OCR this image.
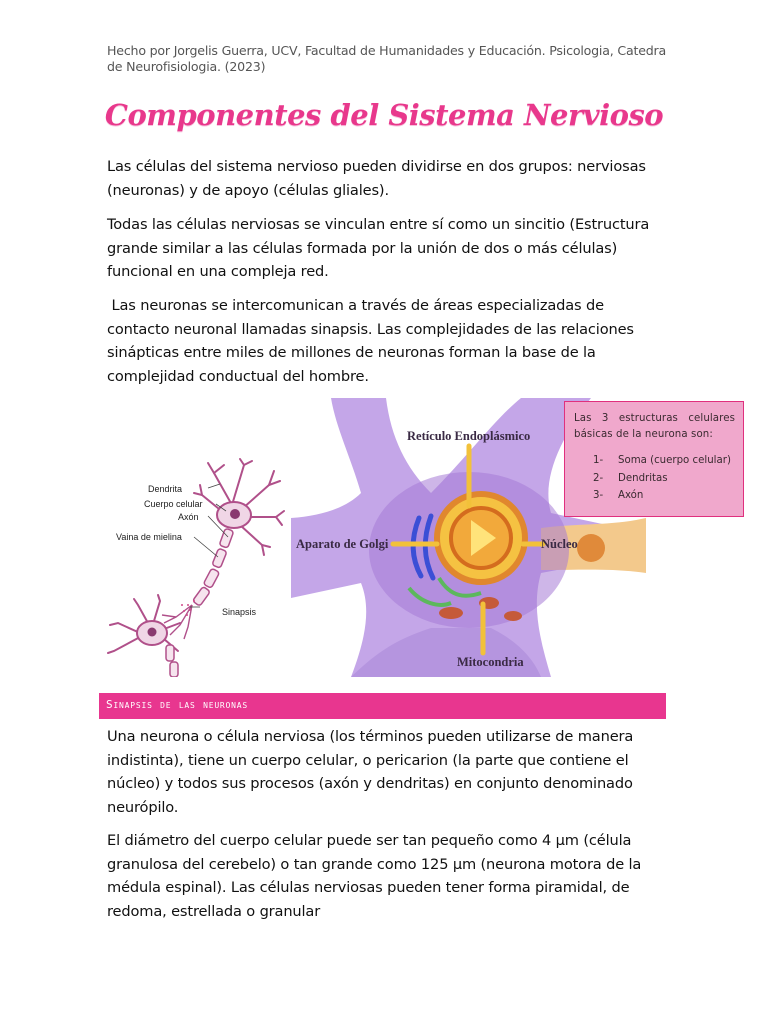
Hecho por Jorgelis Guerra, UCV, Facultad de Humanidades y Educación. Psicologia, Catedra de Neurofisiologia. (2023)
Componentes del Sistema Nervioso
Las células del sistema nervioso pueden dividirse en dos grupos: nerviosas (neuronas) y de apoyo (células gliales).
Todas las células nerviosas se vinculan entre sí como un sincitio (Estructura grande similar a las células formada por la unión de dos o más células) funcional en una compleja red.
Las neuronas se intercomunican a través de áreas especializadas de contacto neuronal llamadas sinapsis. Las complejidades de las relaciones sinápticas entre miles de millones de neuronas forman la base de la complejidad conductual del hombre.
Dendrita
Cuerpo celular
Axón
Vaina de mielina
Sinapsis
Retículo Endoplásmico
Aparato de Golgi	Núcleo
Mitocondria
Las 3 estructuras celulares básicas de la neurona son:
1- Soma (cuerpo celular)
2- Dendritas
3- Axón
Sinapsis de las neuronas
Una neurona o célula nerviosa (los términos pueden utilizarse de manera indistinta), tiene un cuerpo celular, o pericarion (la parte que contiene el núcleo) y todos sus procesos (axón y dendritas) en conjunto denominado neurópilo.
El diámetro del cuerpo celular puede ser tan pequeño como 4 µm (célula granulosa del cerebelo) o tan grande como 125 µm (neurona motora de la médula espinal). Las células nerviosas pueden tener forma piramidal, de redoma, estrellada o granular
